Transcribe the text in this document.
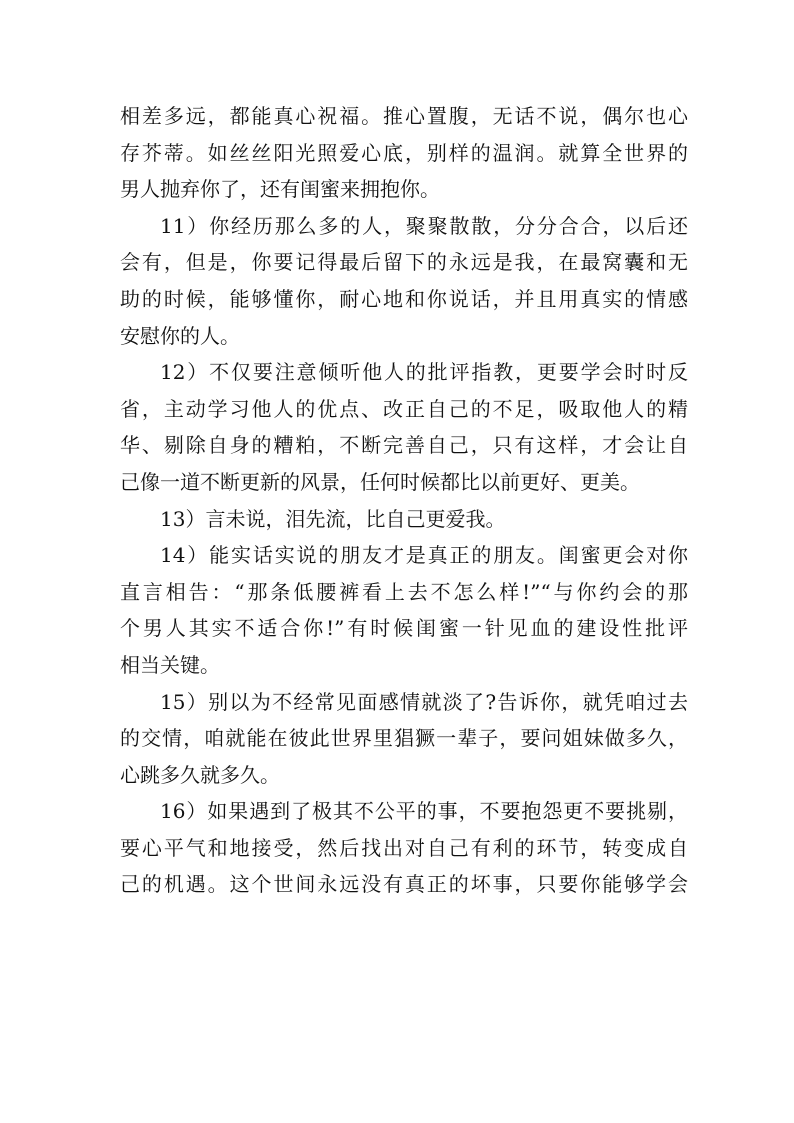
相差多远，都能真心祝福。推心置腹，无话不说，偶尔也心
存芥蒂。如丝丝阳光照爱心底，别样的温润。就算全世界的
男人抛弃你了，还有闺蜜来拥抱你。

11）你经历那么多的人，聚聚散散，分分合合，以后还
会有，但是，你要记得最后留下的永远是我，在最窝囊和无
助的时候，能够懂你，耐心地和你说话，并且用真实的情感
安慰你的人。

12）不仅要注意倾听他人的批评指教，更要学会时时反
省，主动学习他人的优点、改正自己的不足，吸取他人的精
华、剔除自身的糟粕，不断完善自己，只有这样，才会让自
己像一道不断更新的风景，任何时候都比以前更好、更美。

13）言未说，泪先流，比自己更爱我。

14）能实话实说的朋友才是真正的朋友。闺蜜更会对你
直言相告：“那条低腰裤看上去不怎么样!”“与你约会的那
个男人其实不适合你!”有时候闺蜜一针见血的建设性批评
相当关键。

15）别以为不经常见面感情就淡了?告诉你，就凭咱过去
的交情，咱就能在彼此世界里猖獗一辈子，要问姐妹做多久，
心跳多久就多久。

16）如果遇到了极其不公平的事，不要抱怨更不要挑剔，
要心平气和地接受，然后找出对自己有利的环节，转变成自
己的机遇。这个世间永远没有真正的坏事，只要你能够学会
